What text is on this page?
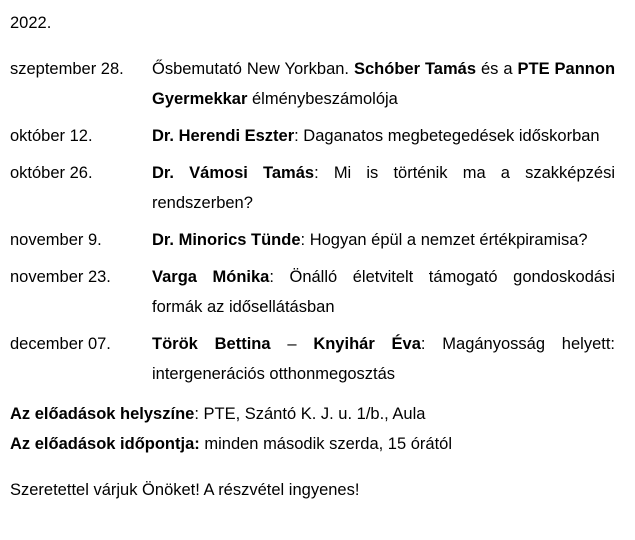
2022.
szeptember 28.	Ősbemutató New Yorkban. Schóber Tamás és a PTE Pannon Gyermekkar élménybeszámolója
október 12.	Dr. Herendi Eszter: Daganatos megbetegedések időskorban
október 26.	Dr. Vámosi Tamás: Mi is történik ma a szakképzési rendszerben?
november 9.	Dr. Minorics Tünde: Hogyan épül a nemzet értékpiramisa?
november 23.	Varga Mónika: Önálló életvitelt támogató gondoskodási formák az idősellátásban
december 07.	Török Bettina – Knyihár Éva: Magányosság helyett: intergenerációs otthonmegosztás
Az előadások helyszíne: PTE, Szántó K. J. u. 1/b., Aula
Az előadások időpontja: minden második szerda, 15 órától
Szeretettel várjuk Önöket! A részvétel ingyenes!
